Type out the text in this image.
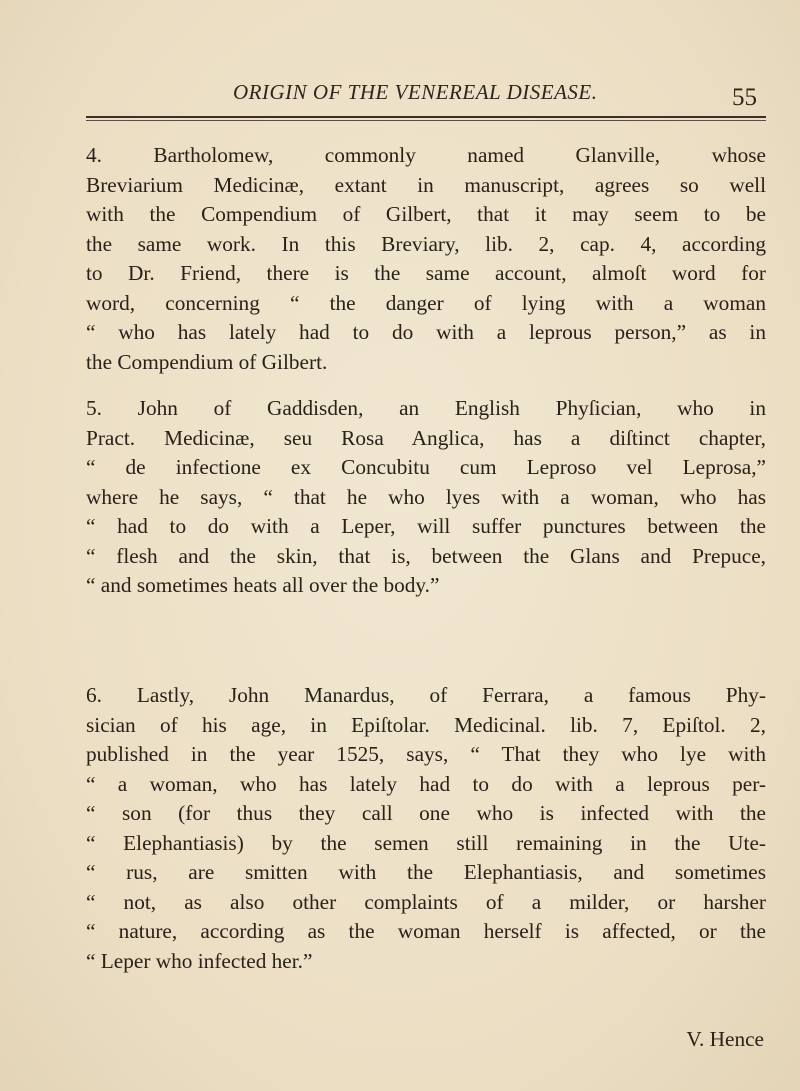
ORIGIN OF THE VENEREAL DISEASE.	55
4. Bartholomew, commonly named Glanville, whose
Breviarium Medicinæ, extant in manuscript, agrees so well
with the Compendium of Gilbert, that it may seem to be
the same work. In this Breviary, lib. 2, cap. 4, according
to Dr. Friend, there is the same account, almoſt word for
word, concerning “ the danger of lying with a woman
“ who has lately had to do with a leprous person,” as in
the Compendium of Gilbert.
5. John of Gaddisden, an English Phyſician, who in
Pract. Medicinæ, seu Rosa Anglica, has a diſtinct chapter,
“ de infectione ex Concubitu cum Leproso vel Leprosa,”
where he says, “ that he who lyes with a woman, who has
“ had to do with a Leper, will suffer punctures between the
“ flesh and the skin, that is, between the Glans and Prepuce,
“ and sometimes heats all over the body.”
6. Lastly, John Manardus, of Ferrara, a famous Phy-
sician of his age, in Epiſtolar. Medicinal. lib. 7, Epiſtol. 2,
published in the year 1525, says, “ That they who lye with
“ a woman, who has lately had to do with a leprous per-
“ son (for thus they call one who is infected with the
“ Elephantiasis) by the semen still remaining in the Ute-
“ rus, are smitten with the Elephantiasis, and sometimes
“ not, as also other complaints of a milder, or harsher
“ nature, according as the woman herself is affected, or the
“ Leper who infected her.”
V. Hence
